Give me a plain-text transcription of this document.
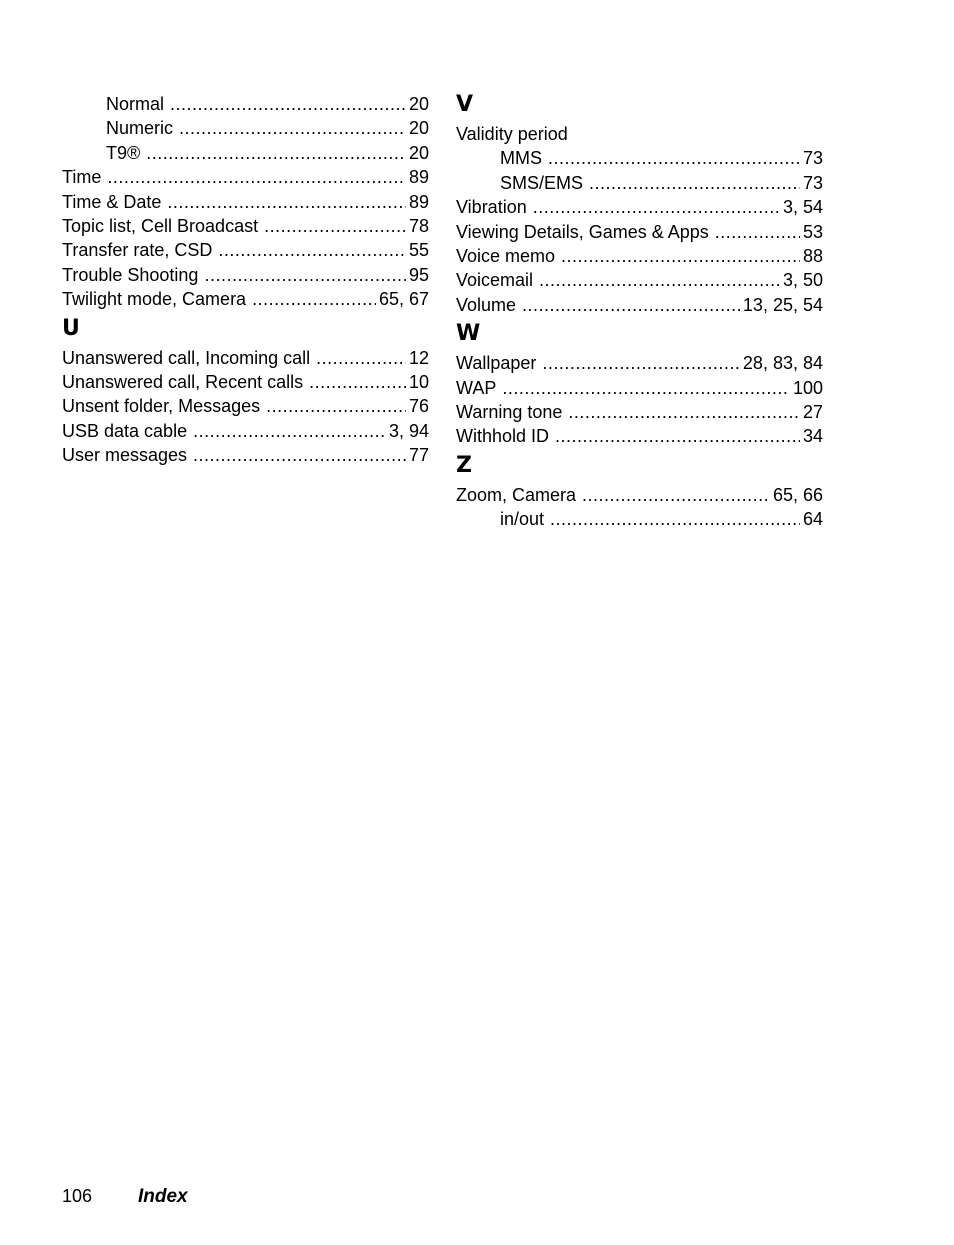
Normal .....	20
Numeric .....	20
T9® .....	20
Time .....	89
Time & Date .....	89
Topic list, Cell Broadcast .....	78
Transfer rate, CSD .....	55
Trouble Shooting .....	95
Twilight mode, Camera .....	65, 67
U
Unanswered call, Incoming call .....	12
Unanswered call, Recent calls .....	10
Unsent folder, Messages .....	76
USB data cable .....	3, 94
User messages .....	77
V
Validity period
MMS .....	73
SMS/EMS .....	73
Vibration .....	3, 54
Viewing Details, Games & Apps .....	53
Voice memo .....	88
Voicemail .....	3, 50
Volume .....	13, 25, 54
W
Wallpaper .....	28, 83, 84
WAP .....	100
Warning tone .....	27
Withhold ID .....	34
Z
Zoom, Camera .....	65, 66
in/out .....	64
106	Index
